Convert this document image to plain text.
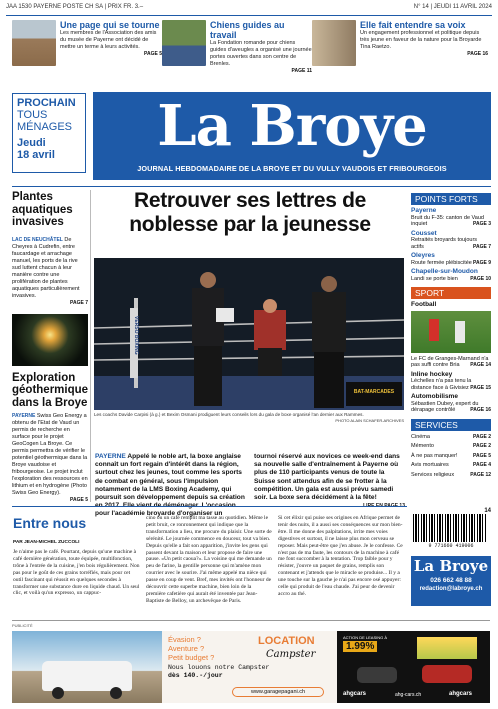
JAA 1530 PAYERNE POSTE CH SA | PRIX FR. 3.–	N° 14 | JEUDI 11 AVRIL 2024
Une page qui se tourne

Les membres de l'Association des amis du musée de Payerne ont décidé de mettre un terme à leurs activités.

PAGE 5
Chiens guides au travail

La Fondation romande pour chiens guides d'aveugles a organisé une journée portes ouvertes dans son centre de Brenles.

PAGE 11
Elle fait entendre sa voix

Un engagement professionnel et politique depuis très jeune en faveur de la nature pour la Broyarde Tina Raetzo.

PAGE 16
PROCHAIN
TOUS
MÉNAGES
Jeudi
18 avril	La Broye
JOURNAL HEBDOMADAIRE DE LA BROYE ET DU VULLY VAUDOIS ET FRIBOURGEOIS
Plantes aquatiques invasives

LAC DE NEUCHÂTEL De Cheyres à Cudrefin, entre faucardage et arrachage manuel, les ports de la rive sud luttent chacun à leur manière contre une prolifération de plantes aquatiques particulièrement invasives.

PAGE 7
Exploration géothermique dans la Broye

PAYERNE Swiss Geo Energy a obtenu de l'Etat de Vaud un permis de recherche en surface pour le projet GeoCogen La Broye. Ce permis permettra de vérifier le potentiel géothermique dans la Broye vaudoise et fribourgeoise. Le projet inclut l'exploration des ressources en lithium et en hydrogène (Photo Swiss Geo Energy).

PAGE 5
Retrouver ses lettres de noblesse par la jeunesse
VERSO BOXING
BAT-MARCADES
Les coachs Davide Carpisi (à g.) et Bexim Osmani prodiguent leurs conseils lors du gala de boxe organisé l'an dernier aux Rammes.
PHOTO ALAIN SCHAFER-ARCHIVES
PAYERNE Appelé le noble art, la boxe anglaise connaît un fort regain d'intérêt dans la région, surtout chez les jeunes, tout comme les sports de combat en général, sous l'impulsion notamment de la LMS Boxing Academy, qui poursuit son développement depuis sa création pour l'académie broyarde d'organiser un tournoi réservé aux novices ce week-end dans sa nouvelle salle d'entraînement à Payerne où plus de 110 participants venus de toute la Suisse sont attendus afin de se frotter à la compétition. Un gala est aussi prévu samedi soir. La boxe sera décidément à la fête!
POINTS FORTS
Payerne
Bruit du F-35: canton de Vaud inquiet	PAGE 3
Cousset
Retraités broyards toujours actifs	PAGE 7
Oleyres
Route fermée plébiscitée PAGE 9
Chapelle-sur-Moudon
Landi se porte bien PAGE 10
SPORT
Football
Le FC de Granges-Marnand n'a pas suffi contre Bria PAGE 14
Inline hockey
Léchelles n'a pas tenu la distance face à Givisiez PAGE 15
Automobilisme
Sébastien Dubey, expert du dérapage contrôlé	PAGE 16
SERVICES
Cinéma	PAGE 2
Mémento	PAGE 2
À ne pas manquer!	PAGE 5
Avis mortuaires	PAGE 4
Services religieux	PAGE 12
14
9 771660 419006
La Broye
026 662 48 88
redaction@labroye.ch
Entre nous
PAR JEAN-MICHEL ZUCCOLI
Je n'aime pas le café. Pourtant, depuis qu'une machine à café dernière génération, toute équipée, multifonction, trône à l'entrée de la cuisine, j'en bois régulièrement. Non pas pour le goût de ces grains torréfiés, mais pour cet outil fascinant qui réussit en quelques secondes à transformer une substance dure en liquide chaud. Un seul clic, et voilà qu'un expresso, un cappuc-
cino ou un café remplit ma tasse au quotidien. Même le petit bruit, ce ronronnement qui indique que la transformation a lieu, me procure du plaisir. Une sorte de sérénité. Le journée commence en douceur, tout va bien. Depuis qu'elle a fait son apparition, j'invite les gens qui passent devant la maison et leur propose de faire une pause. «Un petit caoua?». La voisine qui me demande un peu de farine, la gentille personne qui m'amène mon courrier avec le sourire. J'ai même appelé ma nièce qui passe en coup de vent. Bref, mes invités ont l'honneur de découvrir cette superbe machine, bien loin de la première cafetière qui aurait été inventée par Jean-Baptiste de Belloy, un archevêque de Paris.
Si cet élixir qui puise ses origines en Afrique permet de tenir des nuits, il a aussi ses conséquences sur mon bien-être. Il me donne des palpitations, irrite mes voies digestives et surtout, il ne laisse plus mon cerveau se reposer. Mais peut-être que j'en abuse. Je le confesse. Ce n'est pas de ma faute, les contours de la machine à café me font succomber à la tentation. Trop faible pour y résister, j'ouvre un paquet de grains, remplis son contenant et j'attends que le miracle se produise... Il y a une touche sur la gauche je n'ai pas encore osé appuyer: celle qui produit de l'eau chaude. J'ai peur de devenir accro au thé.
PUBLICITÉ
Évasion ?
Aventure ?
Petit budget ?
Nous louons notre Campster
dès 140.-/jour
www.garagepagani.ch
LOCATION
Campster
ACTION DE LEASING À
1.99%
ahgcars	ahg-cars.ch	ahgcars
